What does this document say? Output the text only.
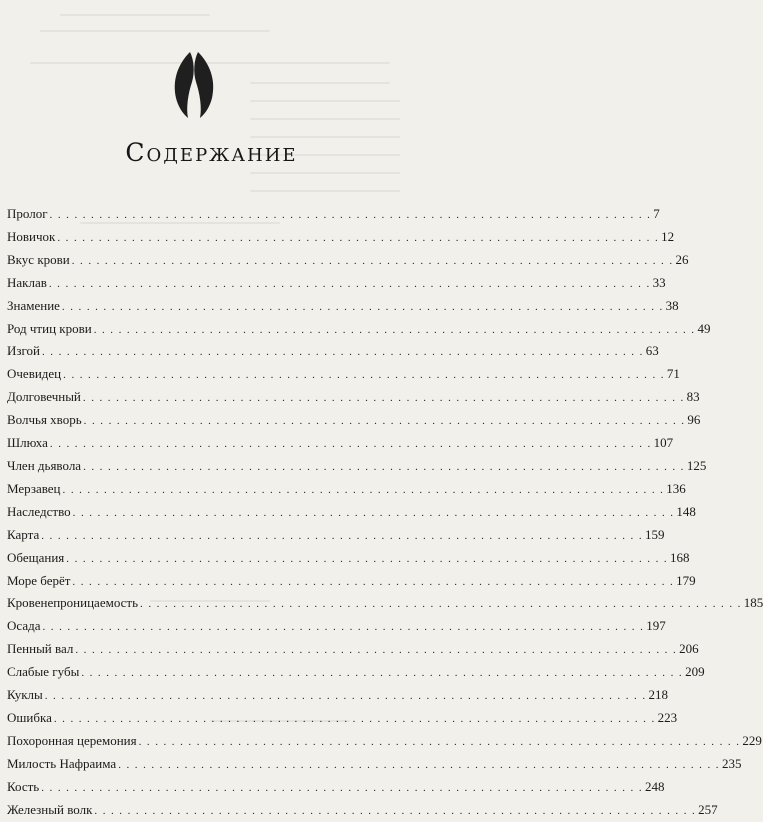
Содержание
Пролог . . .	7
Новичок . . .	12
Вкус крови . . .	26
Наклав . . .	33
Знамение . . .	38
Род чтиц крови . . .	49
Изгой . . .	63
Очевидец . . .	71
Долговечный . . .	83
Волчья хворь . . .	96
Шлюха . . .	107
Член дьявола . . .	125
Мерзавец . . .	136
Наследство . . .	148
Карта . . .	159
Обещания . . .	168
Море берёт . . .	179
Кровенепроницаемость . . .	185
Осада . . .	197
Пенный вал . . .	206
Слабые губы . . .	209
Куклы . . .	218
Ошибка . . .	223
Похоронная церемония . . .	229
Милость Нафраима . . .	235
Кость . . .	248
Железный волк . . .	257
